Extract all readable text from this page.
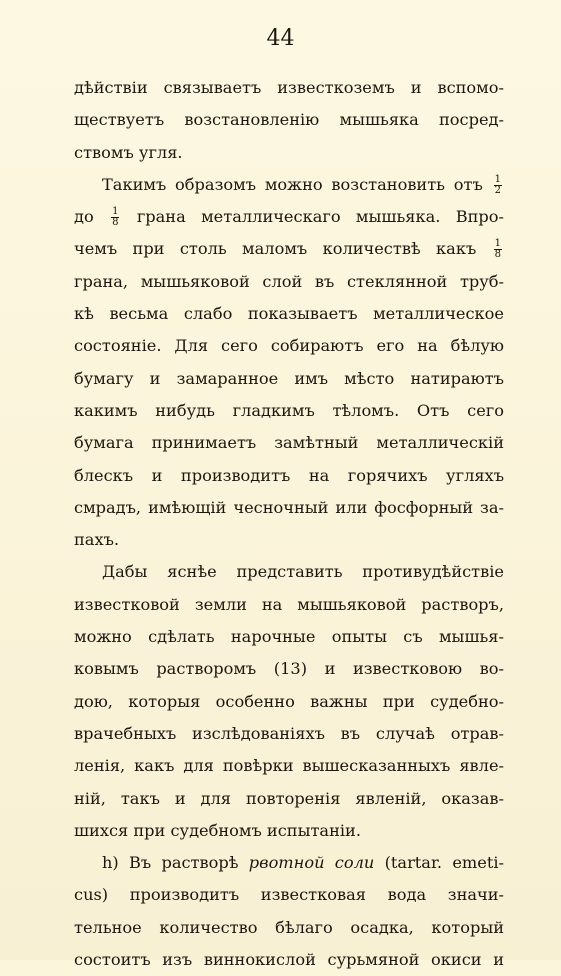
44
дѣйствіи связываетъ известкоземъ и вспомо-
ществуетъ возстановленію мышьяка посред-
ствомъ угля.
Такимъ образомъ можно возстановить отъ $\frac{1}{2}$
до $\frac{1}{8}$ грана металлическаго мышьяка. Впро-
чемъ при столь маломъ количествѣ какъ $\frac{1}{8}$
грана, мышьяковой слой въ стеклянной труб-
кѣ весьма слабо показываетъ металлическое
состояніе. Для сего собираютъ его на бѣлую
бумагу и замаранное имъ мѣсто натираютъ
какимъ нибудь гладкимъ тѣломъ. Отъ сего
бумага принимаетъ замѣтный металлическій
блескъ и производитъ на горячихъ угляхъ
смрадъ, имѣющій чесночный или фосфорный за-
пахъ.
Дабы яснѣе представить противудѣйствіе
известковой земли на мышьяковой растворъ,
можно сдѣлать нарочные опыты съ мышья-
ковымъ растворомъ (13) и известковою во-
дою, которыя особенно важны при судебно-
врачебныхъ изслѣдованіяхъ въ случаѣ отрав-
ленія, какъ для повѣрки вышесказанныхъ явле-
ній, такъ и для повторенія явленій, оказав-
шихся при судебномъ испытаніи.
h) Въ растворѣ рвотной соли (tartar. emeti-
cus) производитъ известковая вода значи-
тельное количество бѣлаго осадка, который
состоитъ изъ виннокислой сурьмяной окиси и
